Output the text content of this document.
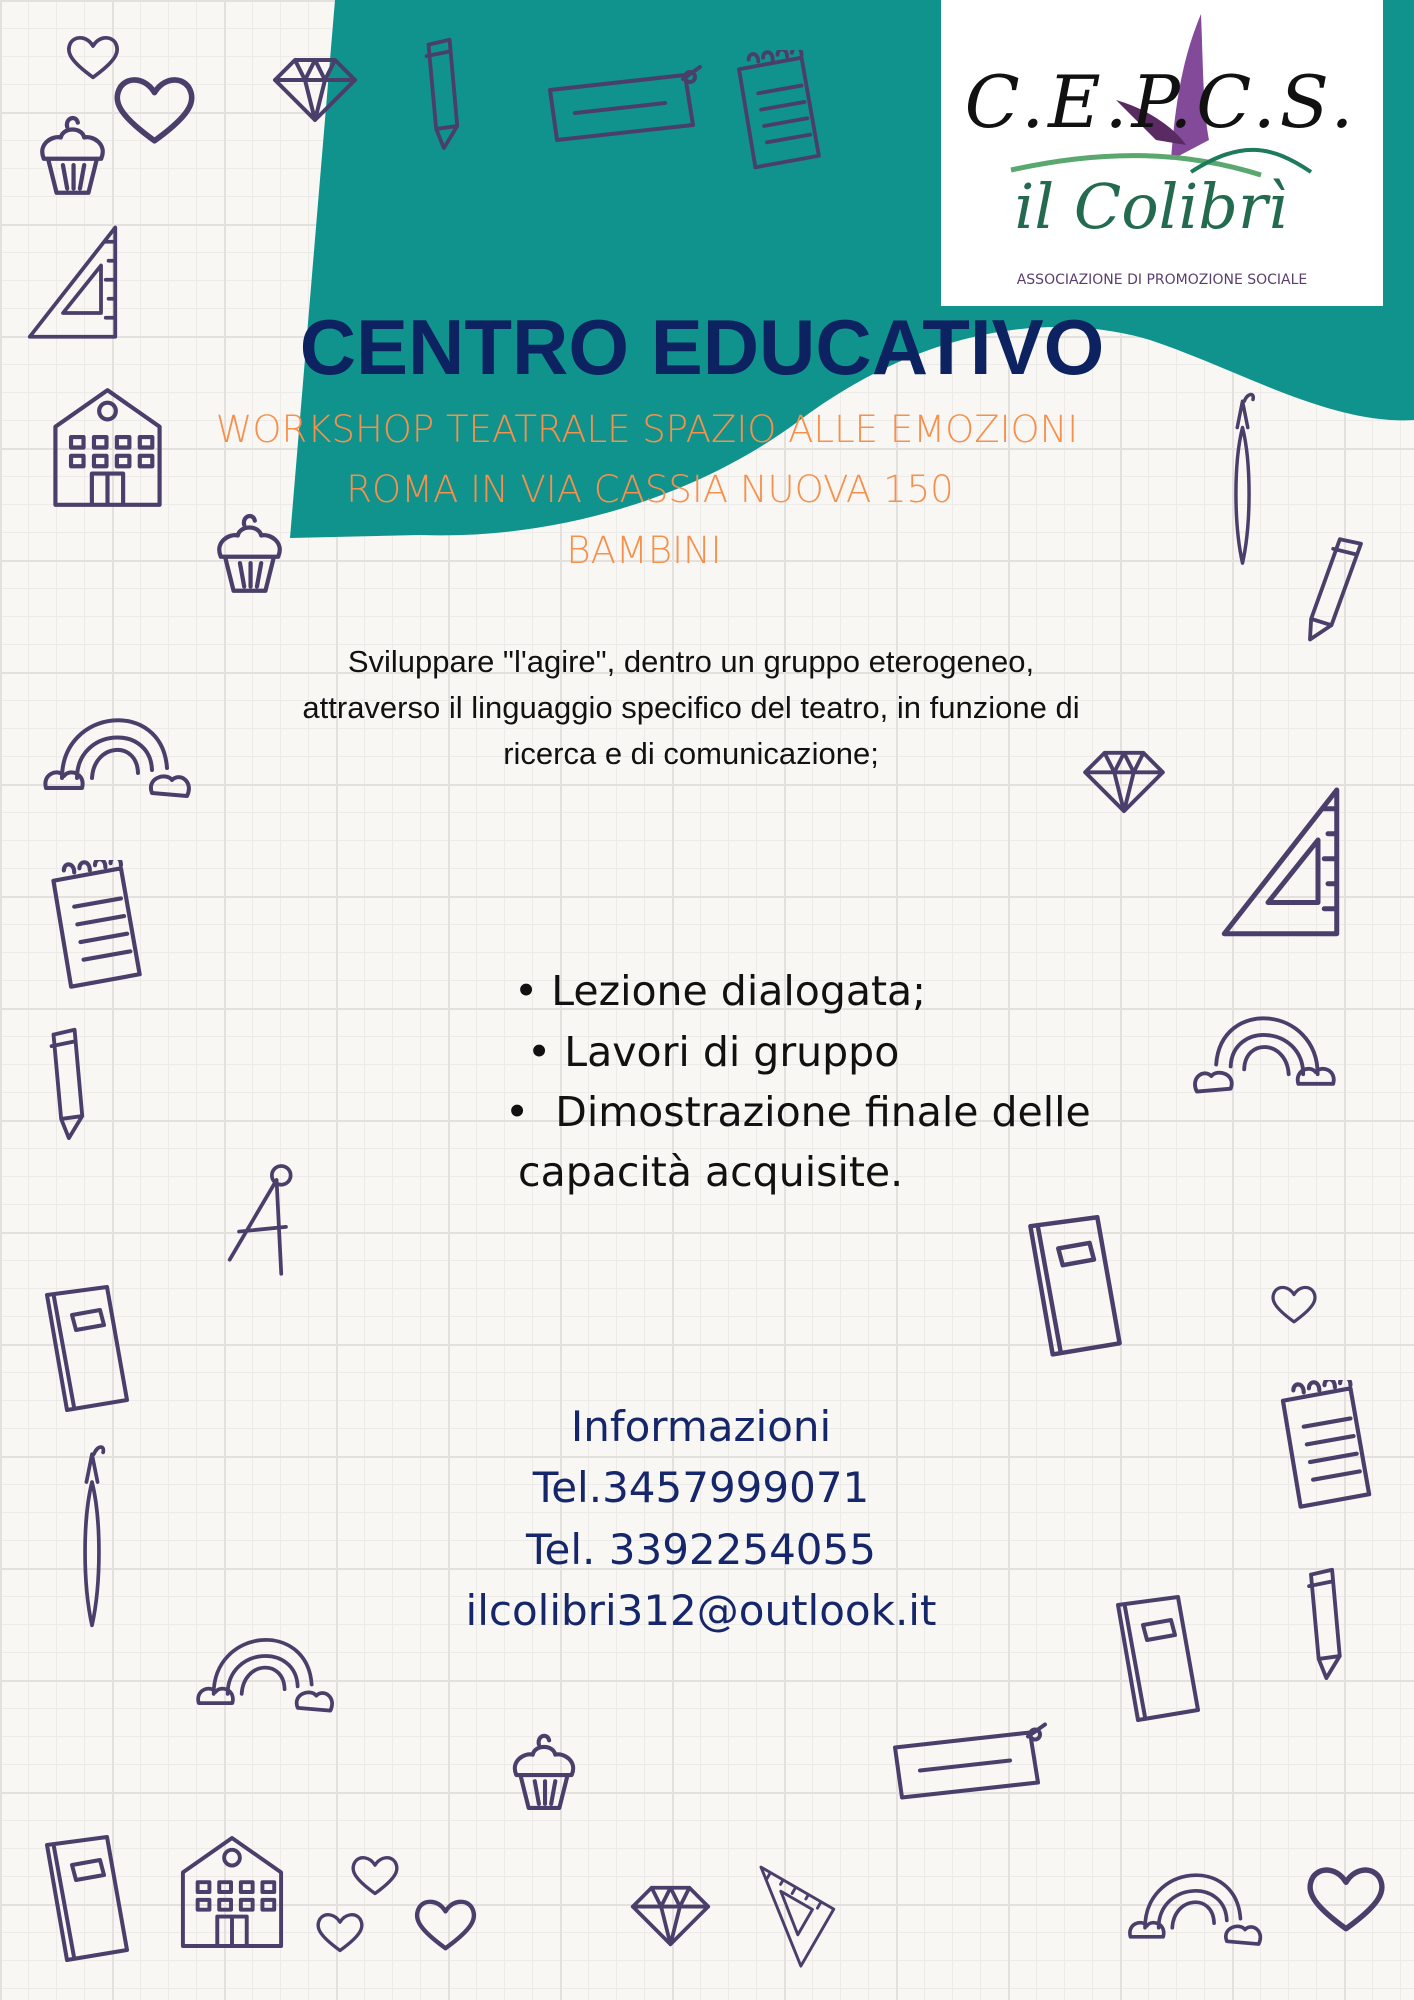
C.E.P.C.S.
il Colibrì
ASSOCIAZIONE DI PROMOZIONE SOCIALE
CENTRO EDUCATIVO
WORKSHOP TEATRALE SPAZIO ALLE EMOZIONI
ROMA IN VIA CASSIA NUOVA 150
BAMBINI
Sviluppare "l'agire", dentro un gruppo eterogeneo,
attraverso il linguaggio specifico del teatro, in funzione di
ricerca e di comunicazione;
• Lezione dialogata;
• Lavori di gruppo
•  Dimostrazione finale delle
capacità acquisite.
Informazioni
Tel.3457999071
Tel. 3392254055
ilcolibri312@outlook.it
